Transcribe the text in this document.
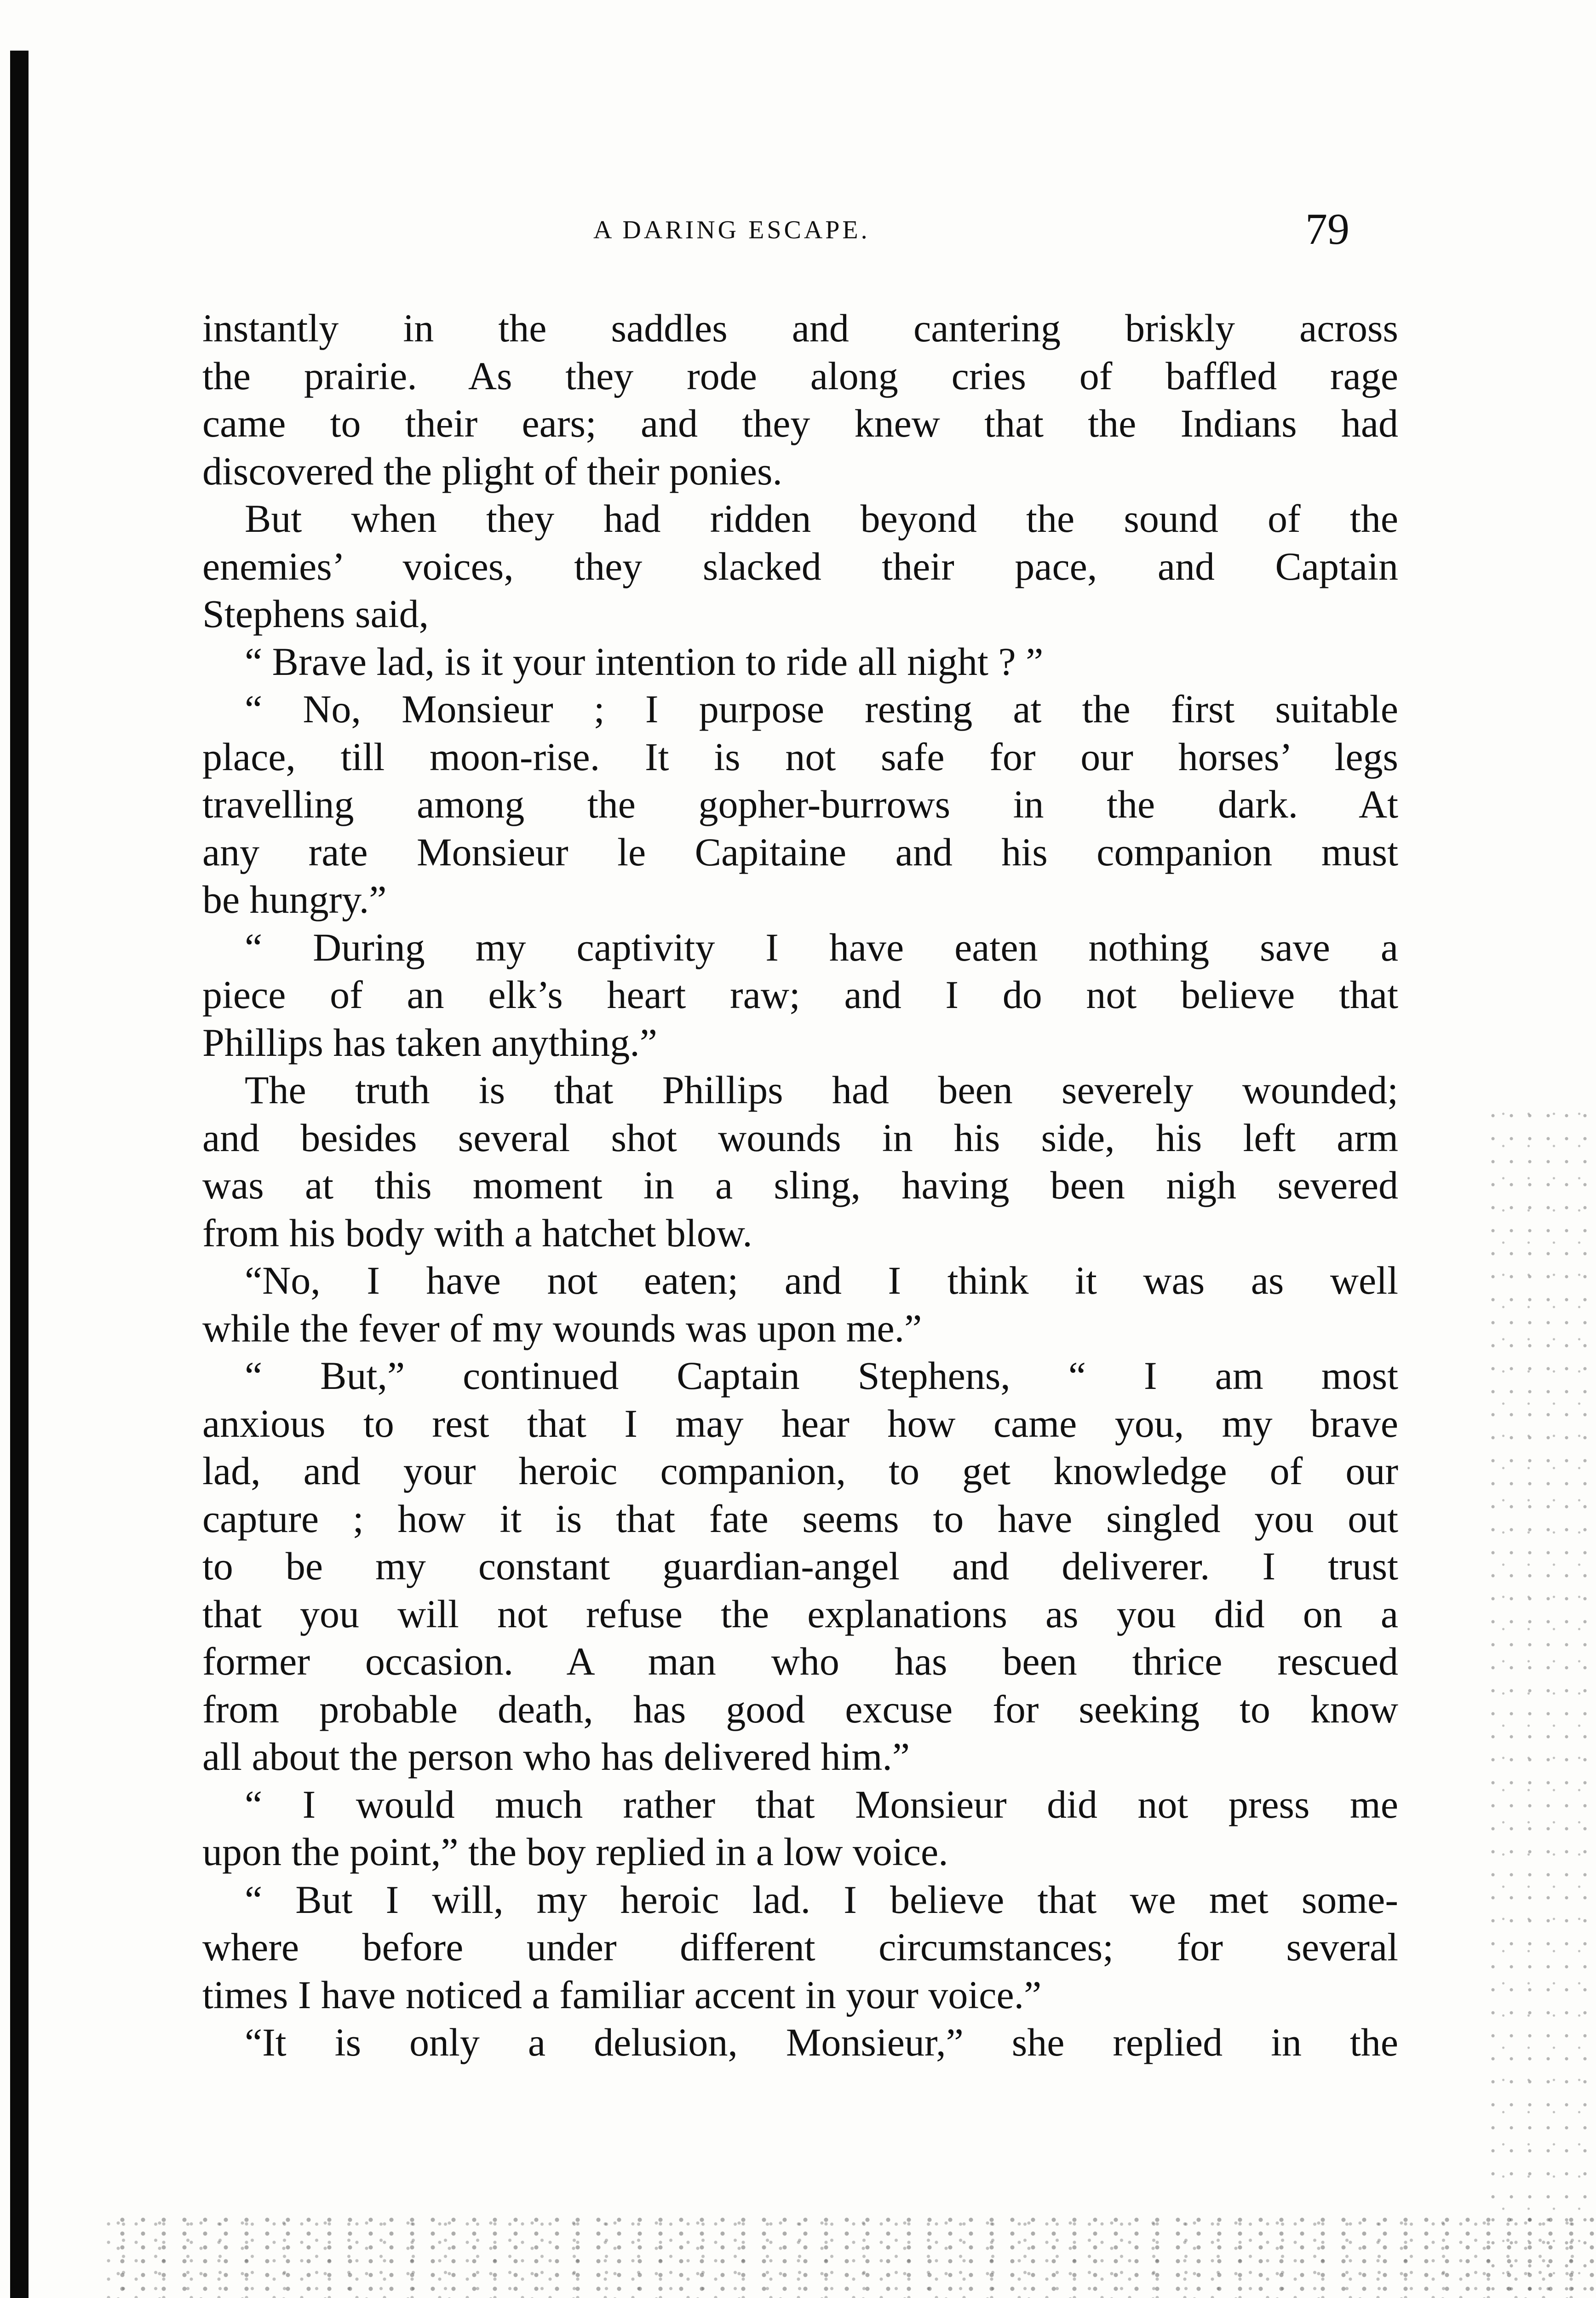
A DARING ESCAPE.	79
instantly in the saddles and cantering briskly across
the prairie. As they rode along cries of baffled rage
came to their ears; and they knew that the Indians had
discovered the plight of their ponies.
But when they had ridden beyond the sound of the
enemies’ voices, they slacked their pace, and Captain
Stephens said,
“ Brave lad, is it your intention to ride all night ? ”
“ No, Monsieur ; I purpose resting at the first suitable
place, till moon-rise. It is not safe for our horses’ legs
travelling among the gopher-burrows in the dark. At
any rate Monsieur le Capitaine and his companion must
be hungry.”
“ During my captivity I have eaten nothing save a
piece of an elk’s heart raw; and I do not believe that
Phillips has taken anything.”
The truth is that Phillips had been severely wounded;
and besides several shot wounds in his side, his left arm
was at this moment in a sling, having been nigh severed
from his body with a hatchet blow.
“No, I have not eaten; and I think it was as well
while the fever of my wounds was upon me.”
“ But,” continued Captain Stephens, “ I am most
anxious to rest that I may hear how came you, my brave
lad, and your heroic companion, to get knowledge of our
capture ; how it is that fate seems to have singled you out
to be my constant guardian-angel and deliverer. I trust
that you will not refuse the explanations as you did on a
former occasion. A man who has been thrice rescued
from probable death, has good excuse for seeking to know
all about the person who has delivered him.”
“ I would much rather that Monsieur did not press me
upon the point,” the boy replied in a low voice.
“ But I will, my heroic lad. I believe that we met some-
where before under different circumstances; for several
times I have noticed a familiar accent in your voice.”
“It is only a delusion, Monsieur,” she replied in the
